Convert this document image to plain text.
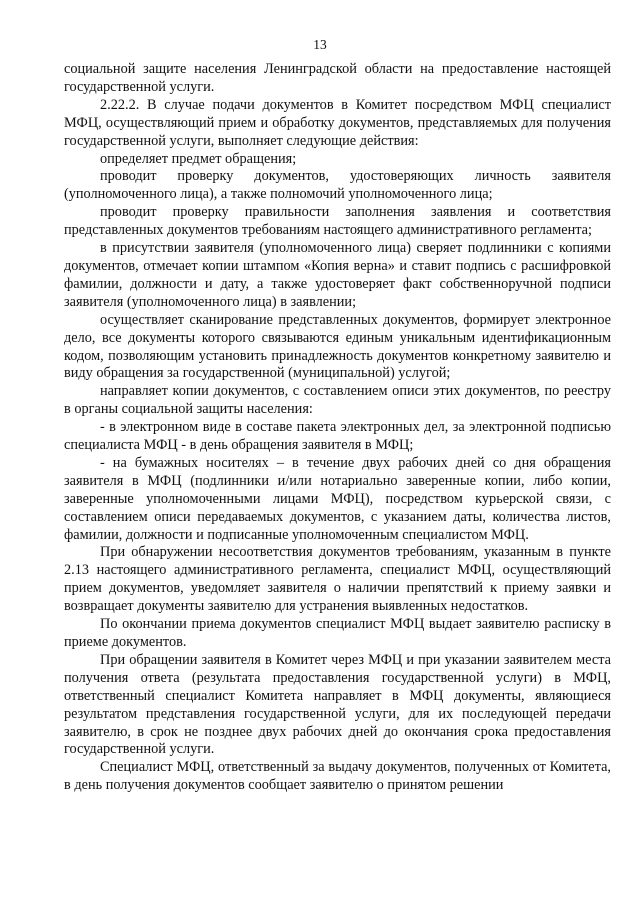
13

социальной защите населения Ленинградской области на предоставление настоящей государственной услуги.

2.22.2. В случае подачи документов в Комитет посредством МФЦ специалист МФЦ, осуществляющий прием и обработку документов, представляемых для получения государственной услуги, выполняет следующие действия:

определяет предмет обращения;

проводит проверку документов, удостоверяющих личность заявителя (уполномоченного лица), а также полномочий уполномоченного лица;

проводит проверку правильности заполнения заявления и соответствия представленных документов требованиям настоящего административного регламента;

в присутствии заявителя (уполномоченного лица) сверяет подлинники с копиями документов, отмечает копии штампом «Копия верна» и ставит подпись с расшифровкой фамилии, должности и дату, а также удостоверяет факт собственноручной подписи заявителя (уполномоченного лица) в заявлении;

осуществляет сканирование представленных документов, формирует электронное дело, все документы которого связываются единым уникальным идентификационным кодом, позволяющим установить принадлежность документов конкретному заявителю и виду обращения за государственной (муниципальной) услугой;

направляет копии документов, с составлением описи этих документов, по реестру в органы социальной защиты населения:

- в электронном виде в составе пакета электронных дел, за электронной подписью специалиста МФЦ - в день обращения заявителя в МФЦ;

- на бумажных носителях – в течение двух рабочих дней со дня обращения заявителя в МФЦ (подлинники и/или нотариально заверенные копии, либо копии, заверенные уполномоченными лицами МФЦ), посредством курьерской связи, с составлением описи передаваемых документов, с указанием даты, количества листов, фамилии, должности и подписанные уполномоченным специалистом МФЦ.

При обнаружении несоответствия документов требованиям, указанным в пункте 2.13 настоящего административного регламента, специалист МФЦ, осуществляющий прием документов, уведомляет заявителя о наличии препятствий к приему заявки и возвращает документы заявителю для устранения выявленных недостатков.

По окончании приема документов специалист МФЦ выдает заявителю расписку в приеме документов.

При обращении заявителя в Комитет через МФЦ и при указании заявителем места получения ответа (результата предоставления государственной услуги) в МФЦ, ответственный специалист Комитета направляет в МФЦ документы, являющиеся результатом представления государственной услуги, для их последующей передачи заявителю, в срок не позднее двух рабочих дней до окончания срока предоставления государственной услуги.

Специалист МФЦ, ответственный за выдачу документов, полученных от Комитета, в день получения документов сообщает заявителю о принятом решении
